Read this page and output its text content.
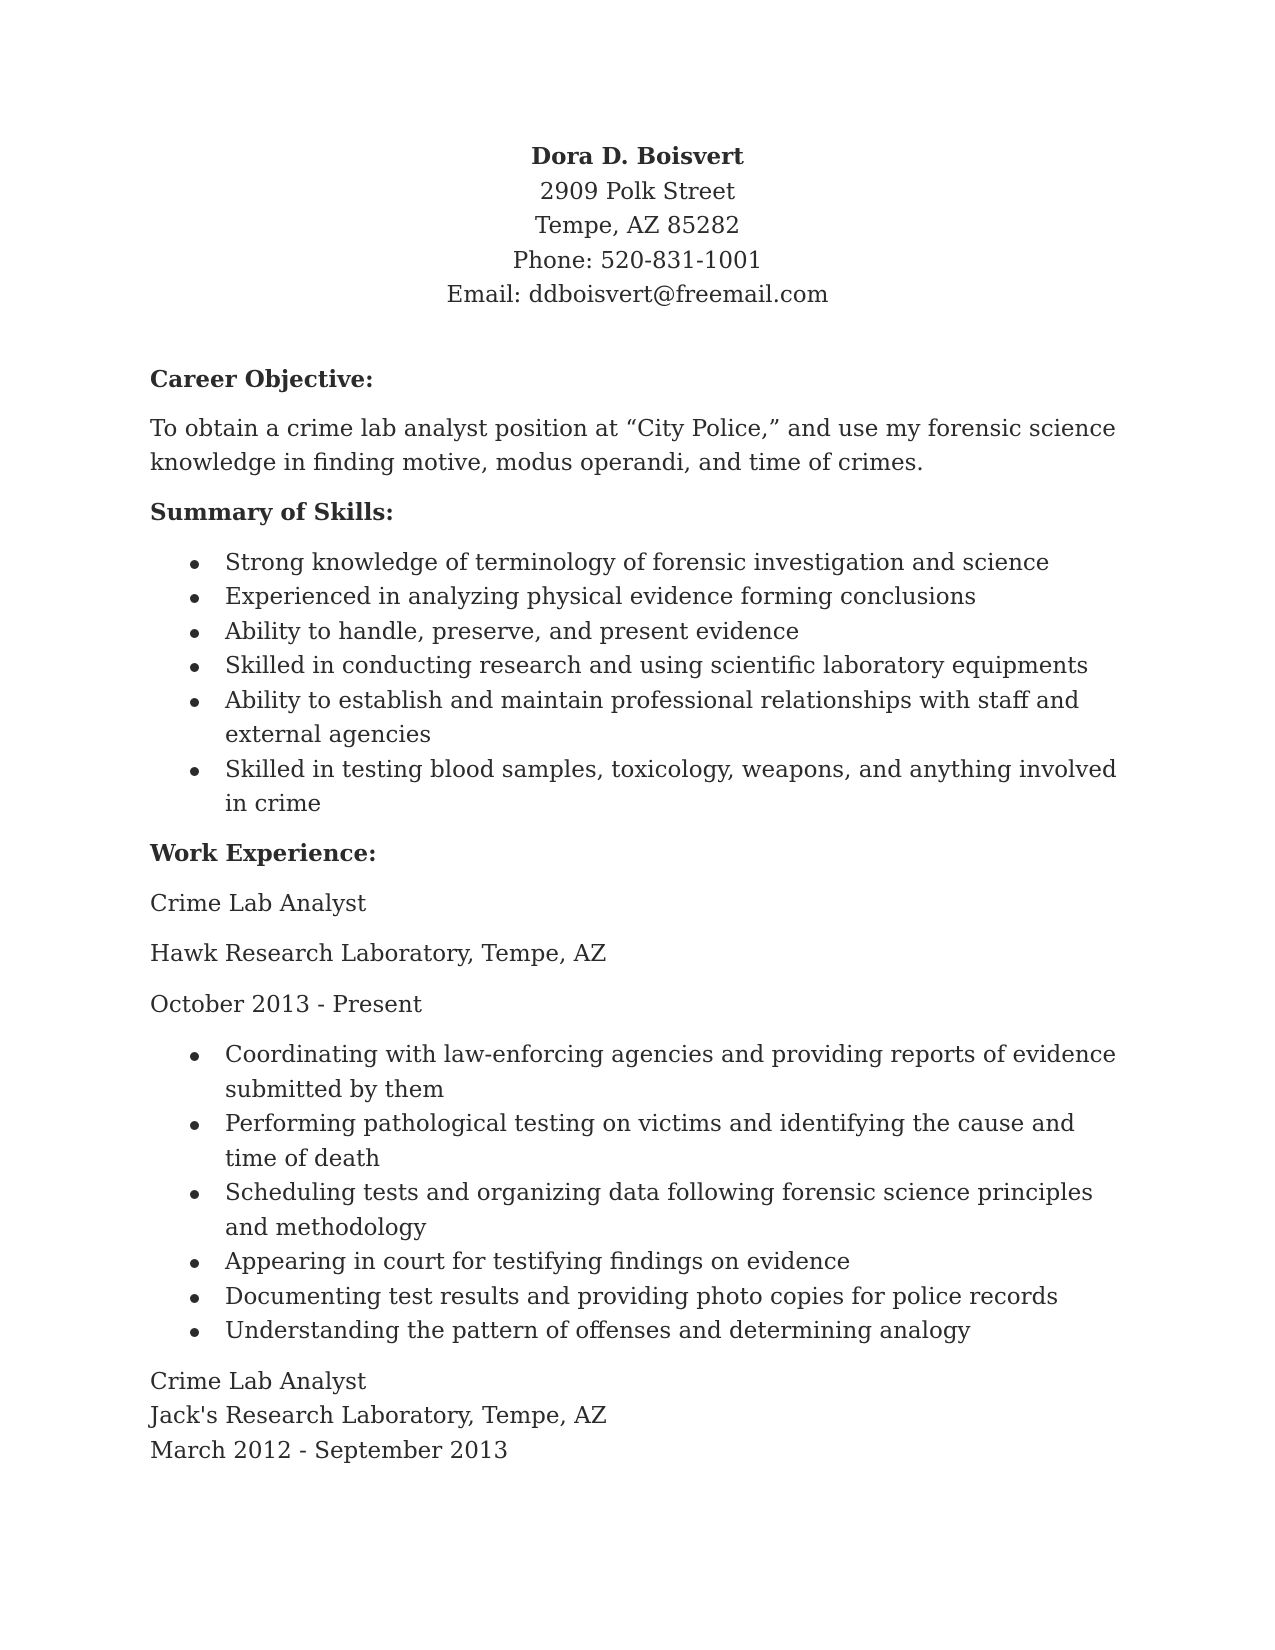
Dora D. Boisvert
2909 Polk Street
Tempe, AZ 85282
Phone: 520-831-1001
Email: ddboisvert@freemail.com
Career Objective:
To obtain a crime lab analyst position at “City Police,” and use my forensic science
knowledge in finding motive, modus operandi, and time of crimes.
Summary of Skills:
Strong knowledge of terminology of forensic investigation and science
Experienced in analyzing physical evidence forming conclusions
Ability to handle, preserve, and present evidence
Skilled in conducting research and using scientific laboratory equipments
Ability to establish and maintain professional relationships with staff and external agencies
Skilled in testing blood samples, toxicology, weapons, and anything involved in crime
Work Experience:
Crime Lab Analyst
Hawk Research Laboratory, Tempe, AZ
October 2013 - Present
Coordinating with law-enforcing agencies and providing reports of evidence submitted by them
Performing pathological testing on victims and identifying the cause and time of death
Scheduling tests and organizing data following forensic science principles and methodology
Appearing in court for testifying findings on evidence
Documenting test results and providing photo copies for police records
Understanding the pattern of offenses and determining analogy
Crime Lab Analyst
Jack's Research Laboratory, Tempe, AZ
March 2012 - September 2013
